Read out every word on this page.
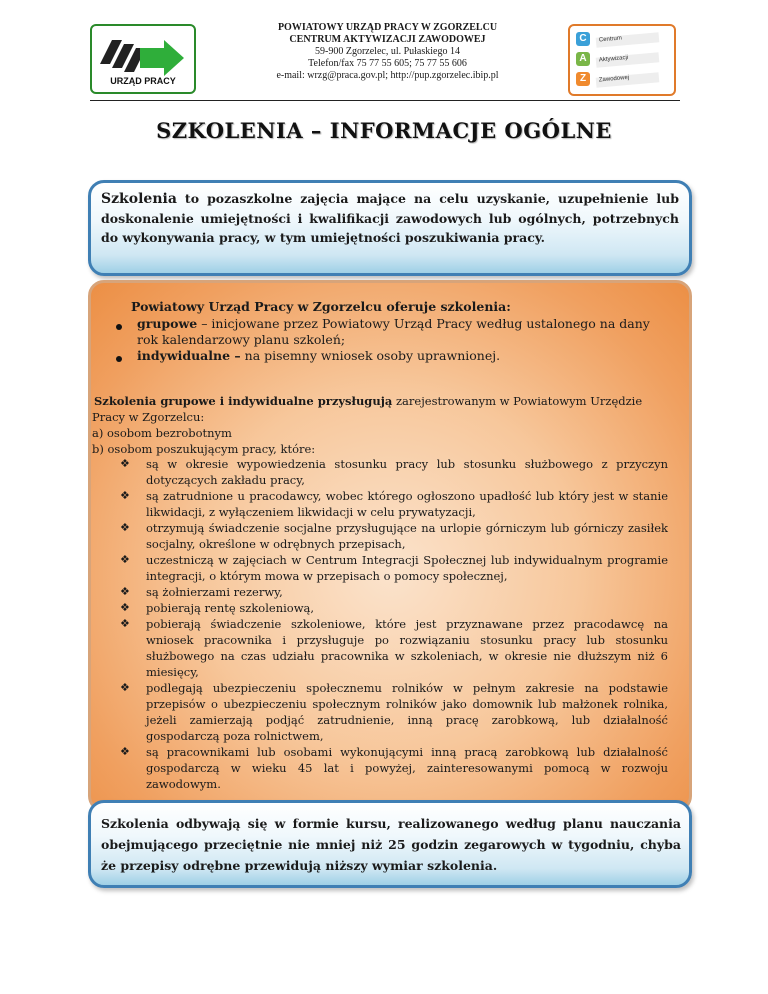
URZĄD PRACY
POWIATOWY URZĄD PRACY W ZGORZELCU
CENTRUM AKTYWIZACJI ZAWODOWEJ
59-900 Zgorzelec, ul. Pułaskiego 14
Telefon/fax 75 77 55 605; 75 77 55 606
e-mail: wrzg@praca.gov.pl; http://pup.zgorzelec.ibip.pl
C
A
Z
Centrum
Aktywizacji
Zawodowej
SZKOLENIA – INFORMACJE OGÓLNE
Szkolenia to pozaszkolne zajęcia mające na celu uzyskanie, uzupełnienie lub doskonalenie umiejętności i kwalifikacji zawodowych lub ogólnych, potrzebnych do wykonywania pracy, w tym umiejętności poszukiwania pracy.
Powiatowy Urząd Pracy w Zgorzelcu oferuje szkolenia:
grupowe – inicjowane przez Powiatowy Urząd Pracy według ustalonego na dany
rok kalendarzowy planu szkoleń;
indywidualne – na pisemny wniosek osoby uprawnionej.
Szkolenia grupowe i indywidualne przysługują zarejestrowanym w Powiatowym Urzędzie
Pracy w Zgorzelcu:
a) osobom bezrobotnym
b) osobom poszukującym pracy, które:
❖ są w okresie wypowiedzenia stosunku pracy lub stosunku służbowego z przyczyn dotyczących zakładu pracy,
❖ są zatrudnione u pracodawcy, wobec którego ogłoszono upadłość lub który jest w stanie likwidacji, z wyłączeniem likwidacji w celu prywatyzacji,
❖ otrzymują świadczenie socjalne przysługujące na urlopie górniczym lub górniczy zasiłek socjalny, określone w odrębnych przepisach,
❖ uczestniczą w zajęciach w Centrum Integracji Społecznej lub indywidualnym programie integracji, o którym mowa w przepisach o pomocy społecznej,
❖ są żołnierzami rezerwy,
❖ pobierają rentę szkoleniową,
❖ pobierają świadczenie szkoleniowe, które jest przyznawane przez pracodawcę na wniosek pracownika i przysługuje po rozwiązaniu stosunku pracy lub stosunku służbowego na czas udziału pracownika w szkoleniach, w okresie nie dłuższym niż 6 miesięcy,
❖ podlegają ubezpieczeniu społecznemu rolników w pełnym zakresie na podstawie przepisów o ubezpieczeniu społecznym rolników jako domownik lub małżonek rolnika, jeżeli zamierzają podjąć zatrudnienie, inną pracę zarobkową, lub działalność gospodarczą poza rolnictwem,
❖ są pracownikami lub osobami wykonującymi inną pracą zarobkową lub działalność gospodarczą w wieku 45 lat i powyżej, zainteresowanymi pomocą w rozwoju zawodowym.
Szkolenia odbywają się w formie kursu, realizowanego według planu nauczania obejmującego przeciętnie nie mniej niż 25 godzin zegarowych w tygodniu, chyba że przepisy odrębne przewidują niższy wymiar szkolenia.
